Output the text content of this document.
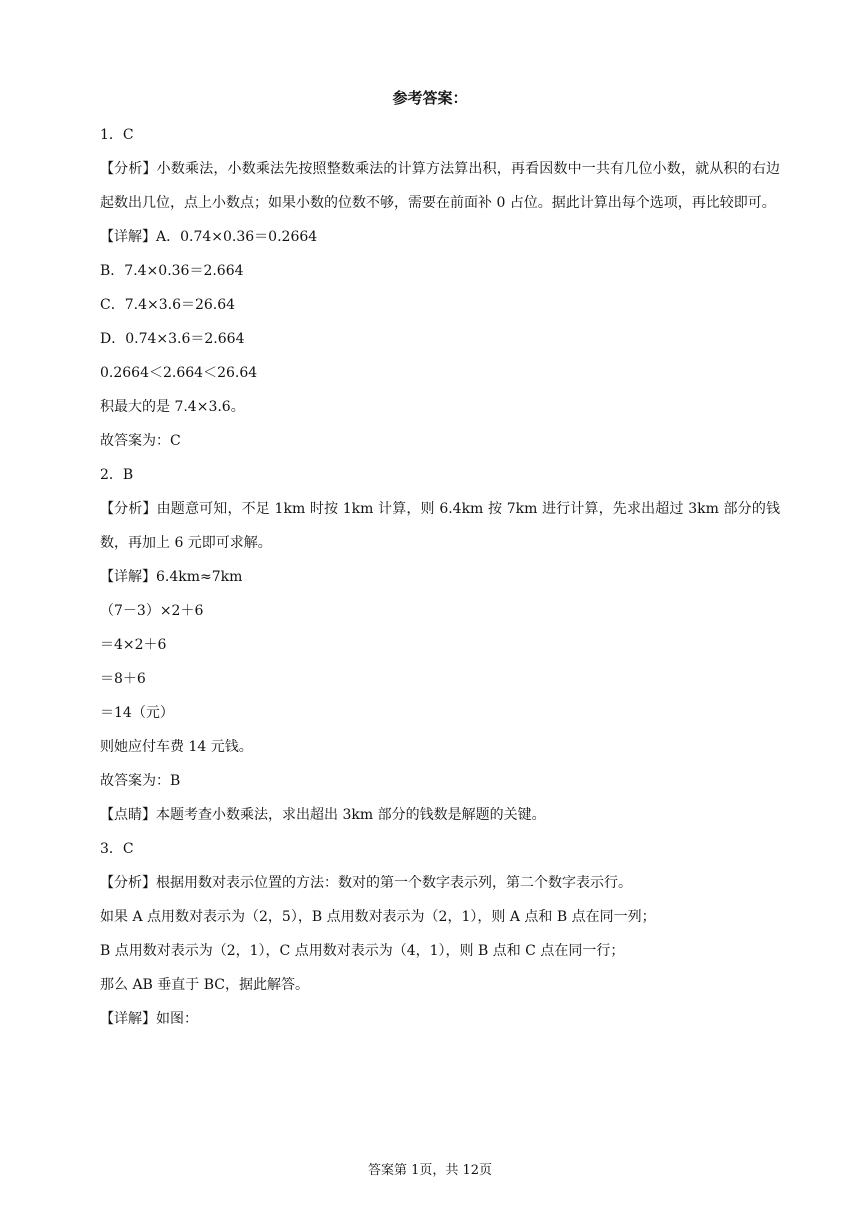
参考答案：
1．C
【分析】小数乘法，小数乘法先按照整数乘法的计算方法算出积，再看因数中一共有几位小数，就从积的右边起数出几位，点上小数点；如果小数的位数不够，需要在前面补 0 占位。据此计算出每个选项，再比较即可。
【详解】A．0.74×0.36＝0.2664
B．7.4×0.36＝2.664
C．7.4×3.6＝26.64
D．0.74×3.6＝2.664
0.2664＜2.664＜26.64
积最大的是 7.4×3.6。
故答案为：C
2．B
【分析】由题意可知，不足 1km 时按 1km 计算，则 6.4km 按 7km 进行计算，先求出超过 3km 部分的钱数，再加上 6 元即可求解。
【详解】6.4km≈7km
（7－3）×2＋6
＝4×2＋6
＝8＋6
＝14（元）
则她应付车费 14 元钱。
故答案为：B
【点睛】本题考查小数乘法，求出超出 3km 部分的钱数是解题的关键。
3．C
【分析】根据用数对表示位置的方法：数对的第一个数字表示列，第二个数字表示行。
如果 A 点用数对表示为（2，5），B 点用数对表示为（2，1），则 A 点和 B 点在同一列；
B 点用数对表示为（2，1），C 点用数对表示为（4，1），则 B 点和 C 点在同一行；
那么 AB 垂直于 BC，据此解答。
【详解】如图：
答案第 1页，共 12页
